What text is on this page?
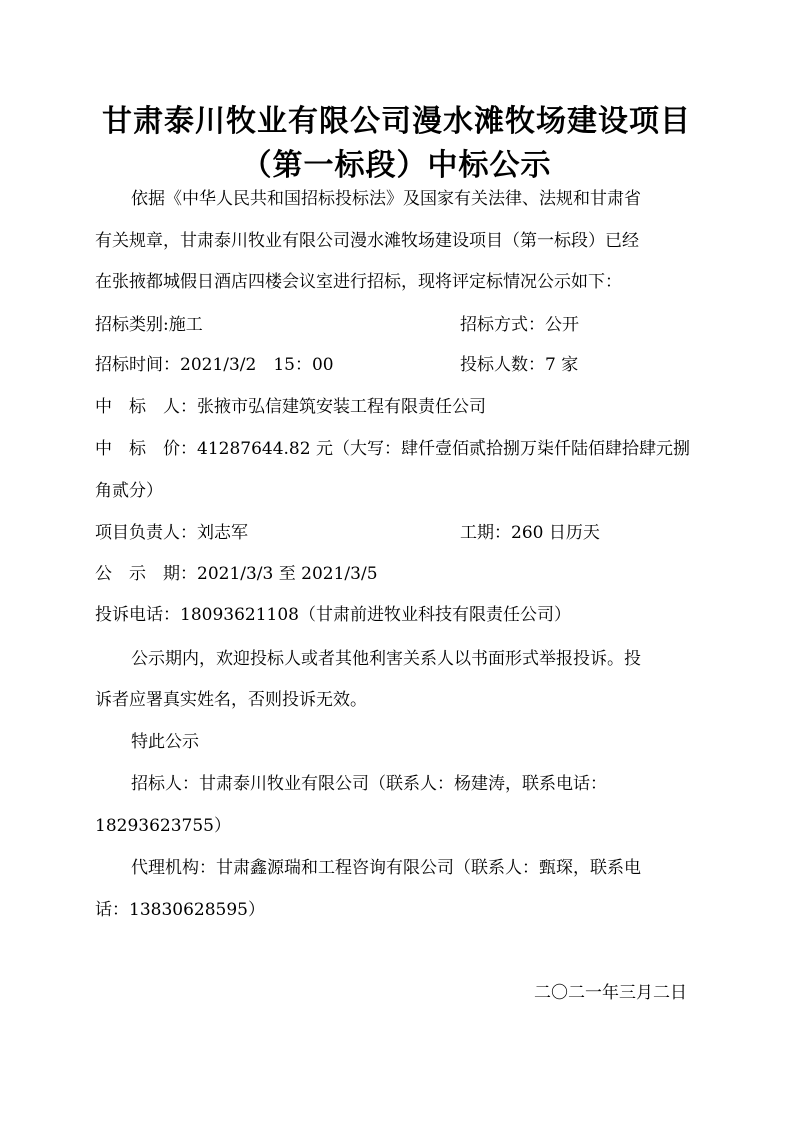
甘肃泰川牧业有限公司漫水滩牧场建设项目
（第一标段）中标公示
依据《中华人民共和国招标投标法》及国家有关法律、法规和甘肃省
有关规章，甘肃泰川牧业有限公司漫水滩牧场建设项目（第一标段）已经
在张掖都城假日酒店四楼会议室进行招标，现将评定标情况公示如下：
招标类别:施工	招标方式：公开
招标时间：2021/3/2　15：00	投标人数：7 家
中　标　人：张掖市弘信建筑安装工程有限责任公司
中　标　价：41287644.82 元（大写：肆仟壹佰贰拾捌万柒仟陆佰肆拾肆元捌
角贰分）
项目负责人：刘志军	工期：260 日历天
公　示　期：2021/3/3 至 2021/3/5
投诉电话：18093621108（甘肃前进牧业科技有限责任公司）
公示期内，欢迎投标人或者其他利害关系人以书面形式举报投诉。投
诉者应署真实姓名，否则投诉无效。
特此公示
招标人：甘肃泰川牧业有限公司（联系人：杨建涛，联系电话：
18293623755）
代理机构：甘肃鑫源瑞和工程咨询有限公司（联系人：甄琛，联系电
话：13830628595）
二〇二一年三月二日
